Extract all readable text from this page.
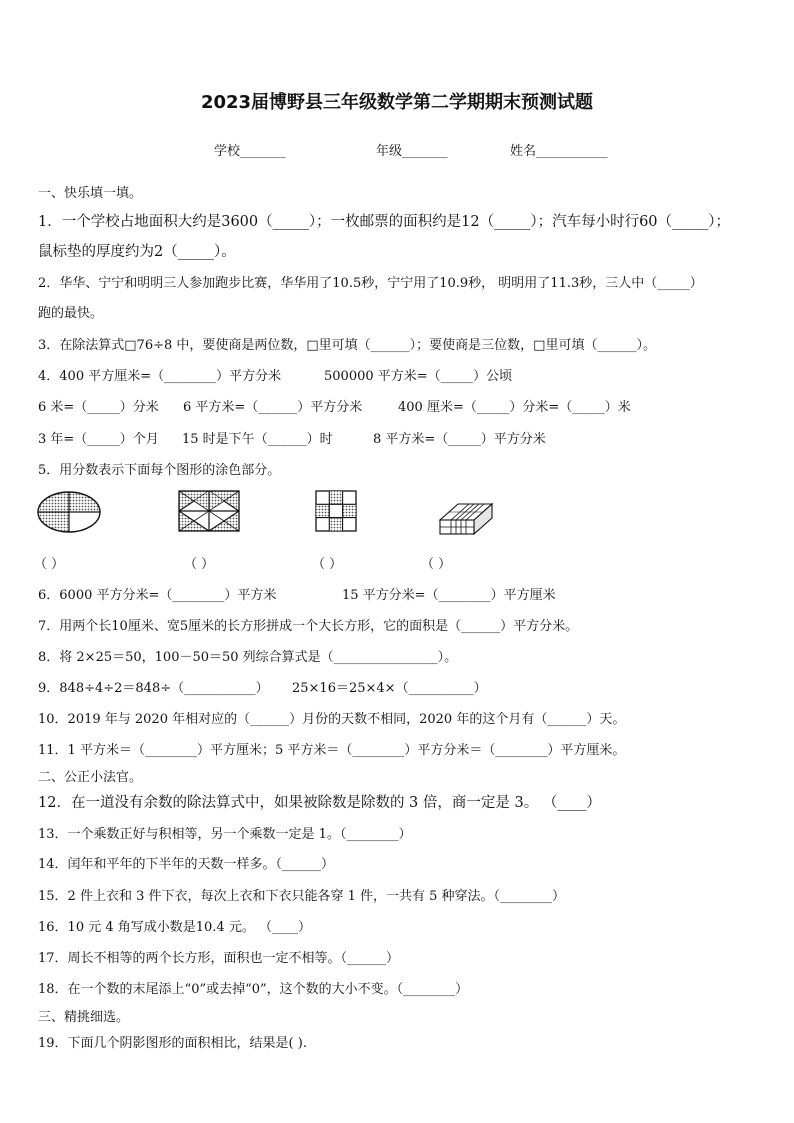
2023届博野县三年级数学第二学期期末预测试题
学校_______	年级_______	姓名___________
一、快乐填一填。
1．一个学校占地面积大约是3600（_____）；一枚邮票的面积约是12（_____）；汽车每小时行60（_____）；
鼠标垫的厚度约为2（_____）。
2．华华、宁宁和明明三人参加跑步比赛，华华用了10.5秒，宁宁用了10.9秒， 明明用了11.3秒，三人中（_____）
跑的最快。
3．在除法算式□76÷8 中，要使商是两位数，□里可填（______）；要使商是三位数，□里可填（______）。
4．400 平方厘米=（________）平方分米	500000 平方米=（_____）公顷
6 米=（_____）分米 6 平方米=（______）平方分米	400 厘米=（_____）分米=（_____）米
3 年=（_____）个月 15 时是下午（______）时	8 平方米=（_____）平方分米
5．用分数表示下面每个图形的涂色部分。
（ ）	（ ）	（ ）	（ ）
6．6000 平方分米=（________）平方米	15 平方分米=（________）平方厘米
7．用两个长10厘米、宽5厘米的长方形拼成一个大长方形，它的面积是（______）平方分米。
8．将 2×25＝50，100－50＝50 列综合算式是（________________）。
9．848÷4÷2＝848÷（___________） 25×16＝25×4×（__________）
10．2019 年与 2020 年相对应的（______）月份的天数不相同，2020 年的这个月有（______）天。
11．1 平方米＝（________）平方厘米；5 平方米＝（________）平方分米＝（________）平方厘米。
二、公正小法官。
12．在一道没有余数的除法算式中，如果被除数是除数的 3 倍，商一定是 3。 （____）
13．一个乘数正好与积相等，另一个乘数一定是 1。（________）
14．闰年和平年的下半年的天数一样多。（______）
15．2 件上衣和 3 件下衣，每次上衣和下衣只能各穿 1 件，一共有 5 种穿法。（________）
16．10 元 4 角写成小数是10.4 元。 （____）
17．周长不相等的两个长方形，面积也一定不相等。（______）
18．在一个数的末尾添上“0”或去掉“0”，这个数的大小不变。（________）
三、精挑细选。
19．下面几个阴影图形的面积相比，结果是( ).
